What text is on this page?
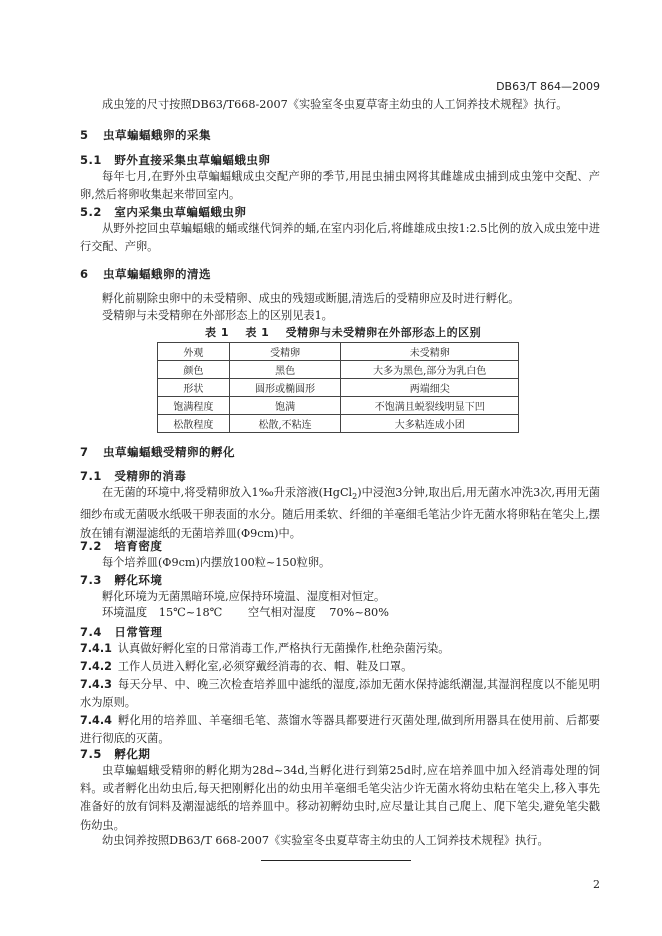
DB63/T 864—2009
成虫笼的尺寸按照DB63/T668-2007《实验室冬虫夏草寄主幼虫的人工饲养技术规程》执行。
5 虫草蝙蝠蛾卵的采集
5.1 野外直接采集虫草蝙蝠蛾虫卵
每年七月,在野外虫草蝙蝠蛾成虫交配产卵的季节,用昆虫捕虫网将其雌雄成虫捕到成虫笼中交配、产卵,然后将卵收集起来带回室内。
5.2 室内采集虫草蝙蝠蛾虫卵
从野外挖回虫草蝙蝠蛾的蛹或继代饲养的蛹,在室内羽化后,将雌雄成虫按1:2.5比例的放入成虫笼中进行交配、产卵。
6 虫草蝙蝠蛾卵的清选
孵化前剔除虫卵中的未受精卵、成虫的残翅或断腿,清选后的受精卵应及时进行孵化。
受精卵与未受精卵在外部形态上的区别见表1。
表 1 表 1 受精卵与未受精卵在外部形态上的区别
外观	受精卵	未受精卵
颜色	黑色	大多为黑色,部分为乳白色
形状	圆形或椭圆形	两端细尖
饱满程度	饱满	不饱满且蜕裂线明显下凹
松散程度	松散,不粘连	大多粘连成小团
7 虫草蝙蝠蛾受精卵的孵化
7.1 受精卵的消毒
在无菌的环境中,将受精卵放入1‰升汞溶液(HgCl$_2$)中浸泡3分钟,取出后,用无菌水冲洗3次,再用无菌细纱布或无菌吸水纸吸干卵表面的水分。随后用柔软、纤细的羊毫细毛笔沾少许无菌水将卵粘在笔尖上,摆放在铺有潮湿滤纸的无菌培养皿(Φ9cm)中。
7.2 培育密度
每个培养皿(Φ9cm)内摆放100粒~150粒卵。
7.3 孵化环境
孵化环境为无菌黑暗环境,应保持环境温、湿度相对恒定。
环境温度 15℃~18℃ 空气相对湿度 70%~80%
7.4 日常管理
7.4.1 认真做好孵化室的日常消毒工作,严格执行无菌操作,杜绝杂菌污染。
7.4.2 工作人员进入孵化室,必须穿戴经消毒的衣、帽、鞋及口罩。
7.4.3 每天分早、中、晚三次检查培养皿中滤纸的湿度,添加无菌水保持滤纸潮湿,其湿润程度以不能见明水为原则。
7.4.4 孵化用的培养皿、羊毫细毛笔、蒸馏水等器具都要进行灭菌处理,做到所用器具在使用前、后都要进行彻底的灭菌。
7.5 孵化期
虫草蝙蝠蛾受精卵的孵化期为28d~34d,当孵化进行到第25d时,应在培养皿中加入经消毒处理的饲料。或者孵化出幼虫后,每天把刚孵化出的幼虫用羊毫细毛笔尖沾少许无菌水将幼虫粘在笔尖上,移入事先准备好的放有饲料及潮湿滤纸的培养皿中。移动初孵幼虫时,应尽量让其自己爬上、爬下笔尖,避免笔尖戳伤幼虫。
幼虫饲养按照DB63/T 668-2007《实验室冬虫夏草寄主幼虫的人工饲养技术规程》执行。
2
